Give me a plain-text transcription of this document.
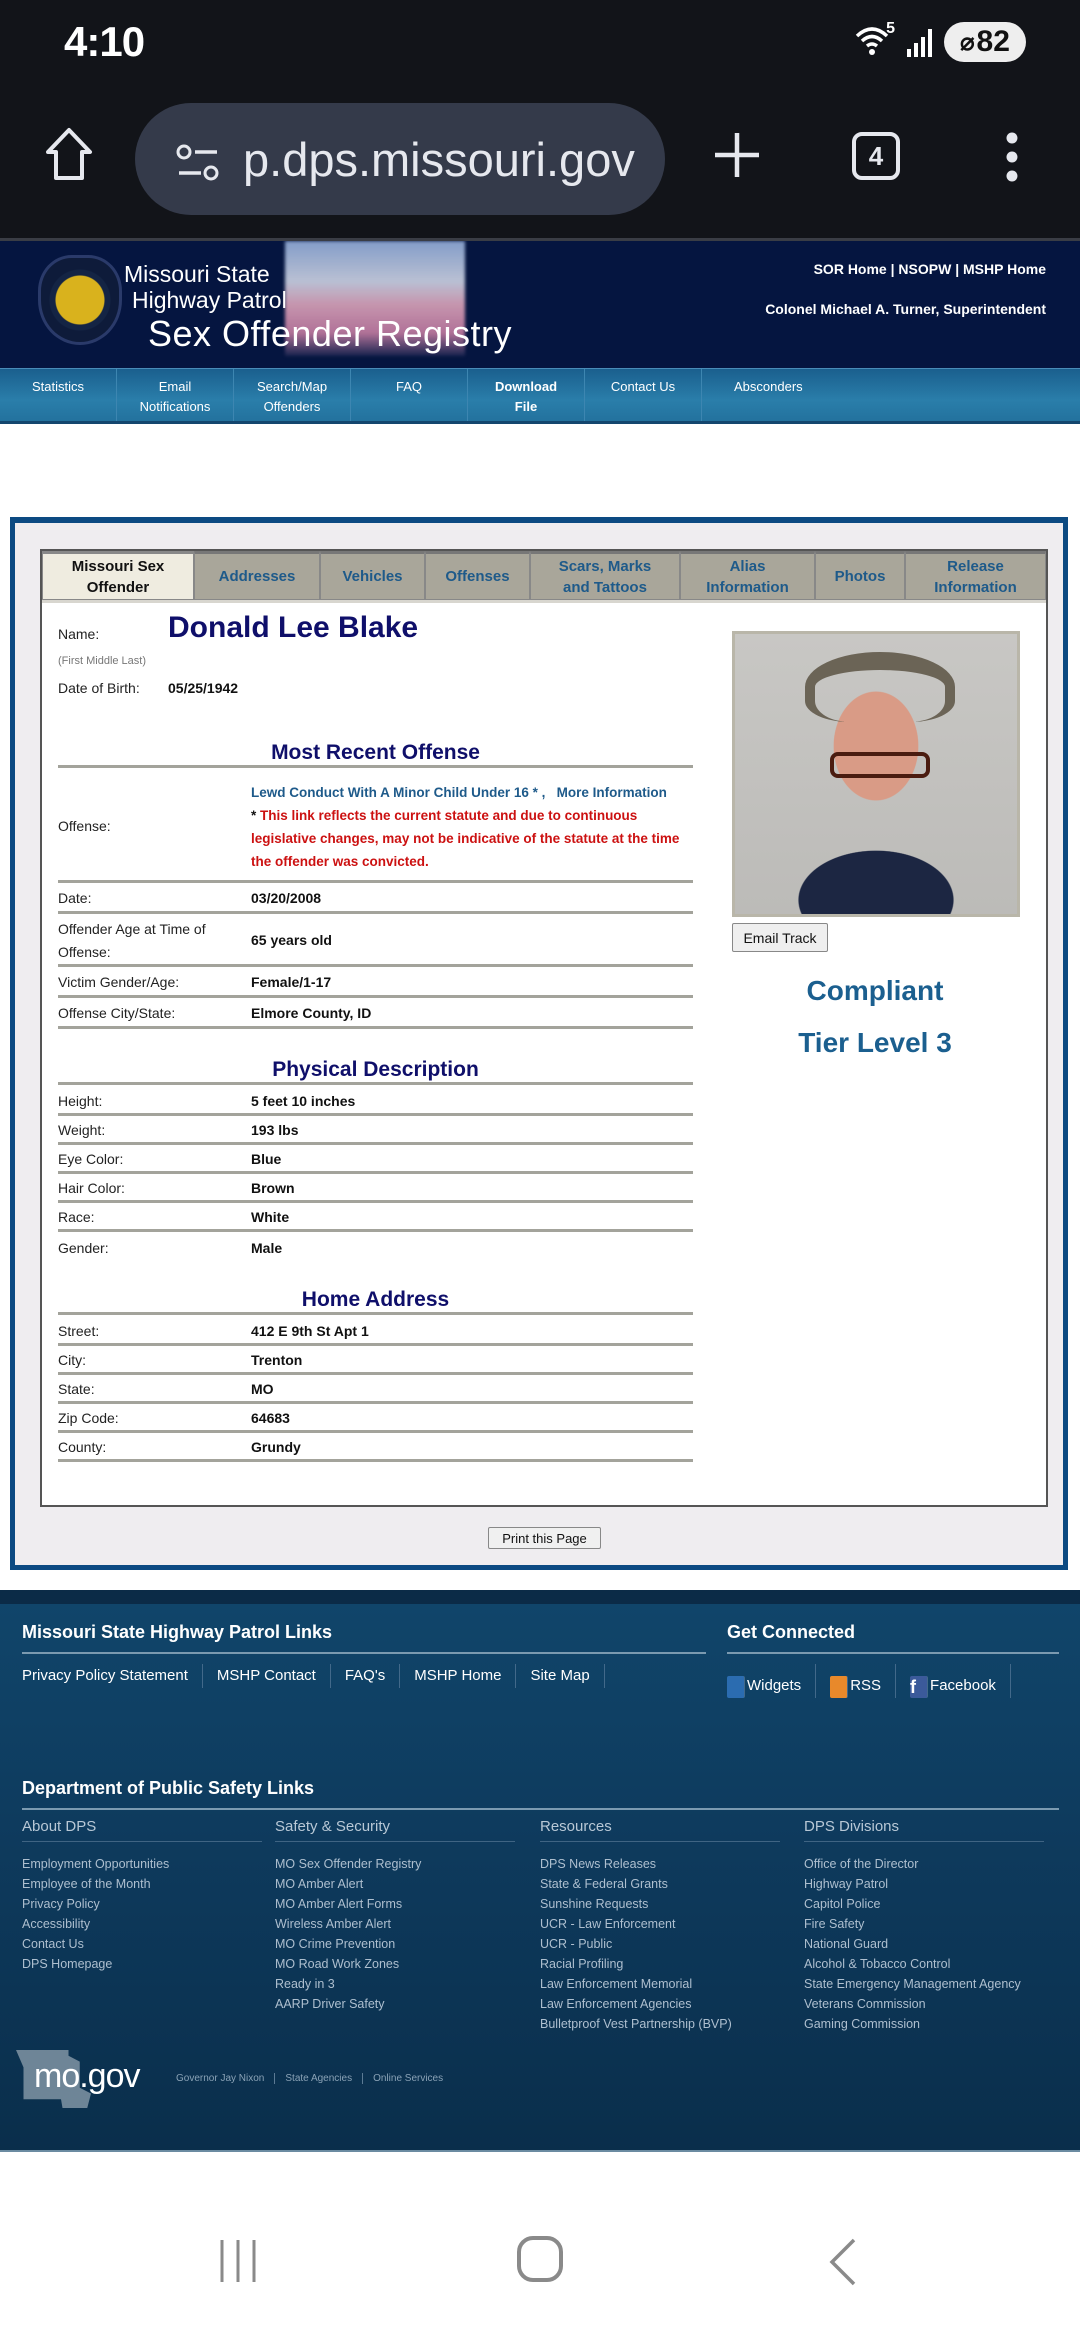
4:10	5	⌀ 82
p.dps.missouri.gov	4
Missouri State
Highway Patrol
Sex Offender Registry
SOR Home | NSOPW | MSHP Home
Colonel Michael A. Turner, Superintendent
Statistics	Email
Notifications
Search/Map
Offenders
FAQ	Download
File
Contact Us	Absconders
Missouri Sex
Offender
Addresses	Vehicles	Offenses
Scars, Marks
and Tattoos
Alias
Information
Photos
Release
Information
Name: Donald Lee Blake
(First Middle Last)
Date of Birth: 05/25/1942
Most Recent Offense
Offense:
Lewd Conduct With A Minor Child Under 16 * , More Information
* This link reflects the current statute and due to continuous legislative changes, may not be indicative of the statute at the time the offender was convicted.
Date:	03/20/2008
Offender Age at Time of Offense:
65 years old
Victim Gender/Age:	Female/1-17
Offense City/State:	Elmore County, ID
Physical Description
Height:	5 feet 10 inches
Weight:	193 lbs
Eye Color:	Blue
Hair Color:	Brown
Race:	White
Gender:	Male
Home Address
Street:	412 E 9th St Apt 1
City:	Trenton
State:	MO
Zip Code:	64683
County:	Grundy
Email Track
Compliant
Tier Level 3
Print this Page
Missouri State Highway Patrol Links
Privacy Policy Statement	MSHP Contact	FAQ's	MSHP Home	Site Map
Get Connected
Widgets	RSS f Facebook
Department of Public Safety Links
About DPS
Employment Opportunities
Employee of the Month
Privacy Policy
Accessibility
Contact Us
DPS Homepage
Safety & Security
MO Sex Offender Registry
MO Amber Alert
MO Amber Alert Forms
Wireless Amber Alert
MO Crime Prevention
MO Road Work Zones
Ready in 3
AARP Driver Safety
Resources
DPS News Releases
State & Federal Grants
Sunshine Requests
UCR - Law Enforcement
UCR - Public
Racial Profiling
Law Enforcement Memorial
Law Enforcement Agencies
Bulletproof Vest Partnership (BVP)
DPS Divisions
Office of the Director
Highway Patrol
Capitol Police
Fire Safety
National Guard
Alcohol & Tobacco Control
State Emergency Management Agency
Veterans Commission
Gaming Commission
mo.gov	Governor Jay Nixon	State Agencies	Online Services
